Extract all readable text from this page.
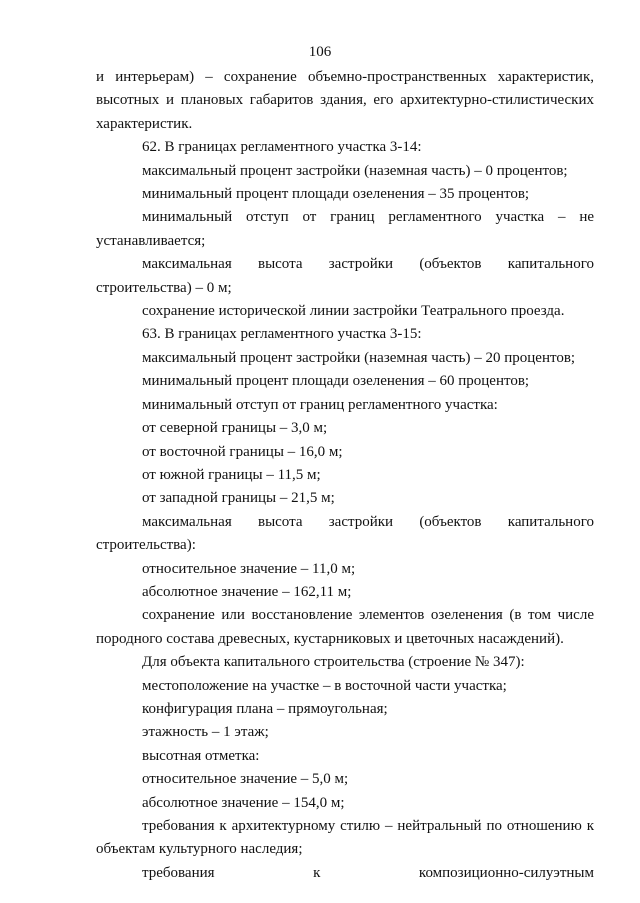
106

и интерьерам) – сохранение объемно-пространственных характеристик, высотных и плановых габаритов здания, его архитектурно-стилистических характеристик.

62. В границах регламентного участка 3-14:

максимальный процент застройки (наземная часть) – 0 процентов;

минимальный процент площади озеленения – 35 процентов;

минимальный отступ от границ регламентного участка – не устанавливается;

максимальная высота застройки (объектов капитального строительства) – 0 м;

сохранение исторической линии застройки Театрального проезда.

63. В границах регламентного участка 3-15:

максимальный процент застройки (наземная часть) – 20 процентов;

минимальный процент площади озеленения – 60 процентов;

минимальный отступ от границ регламентного участка:

от северной границы – 3,0 м;

от восточной границы – 16,0 м;

от южной границы – 11,5 м;

от западной границы – 21,5 м;

максимальная высота застройки (объектов капитального строительства):

относительное значение – 11,0 м;

абсолютное значение – 162,11 м;

сохранение или восстановление элементов озеленения (в том числе породного состава древесных, кустарниковых и цветочных насаждений).

Для объекта капитального строительства (строение № 347):

местоположение на участке – в восточной части участка;

конфигурация плана – прямоугольная;

этажность – 1 этаж;

высотная отметка:

относительное значение – 5,0 м;

абсолютное значение – 154,0 м;

требования к архитектурному стилю – нейтральный по отношению к объектам культурного наследия;

требования к композиционно-силуэтным
